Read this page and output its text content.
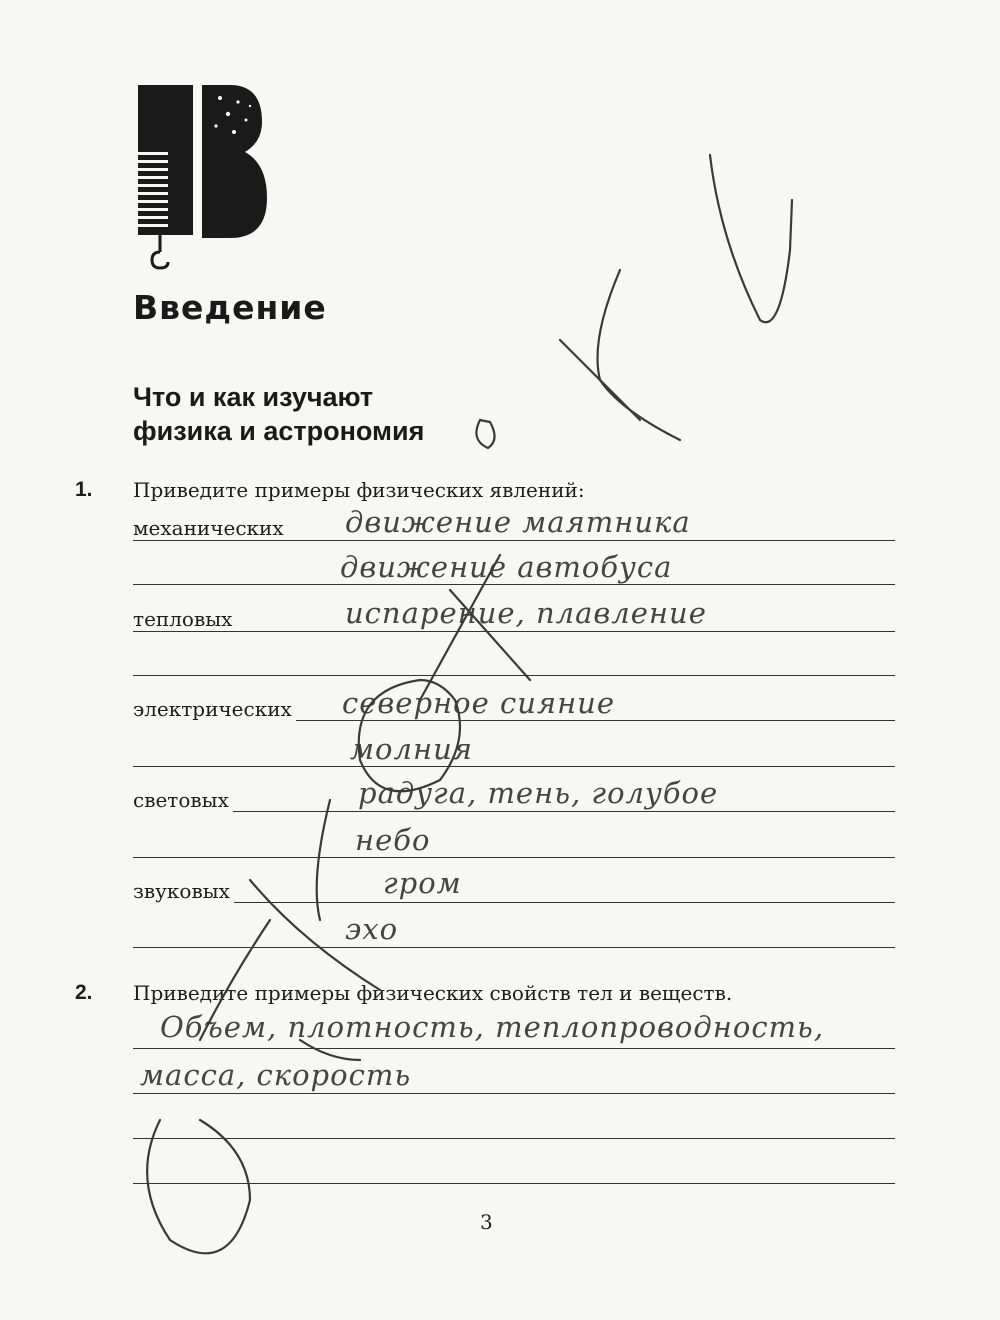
Введение
Что и как изучают
физика и астрономия
1. Приведите примеры физических явлений:
механических
тепловых
электрических
световых
звуковых
движение маятника
движение автобуса
испарение, плавление
северное сияние
молния
радуга, тень, голубое
небо
гром
эхо
2. Приведите примеры физических свойств тел и веществ.
Объем, плотность, теплопроводность,
масса, скорость
3
